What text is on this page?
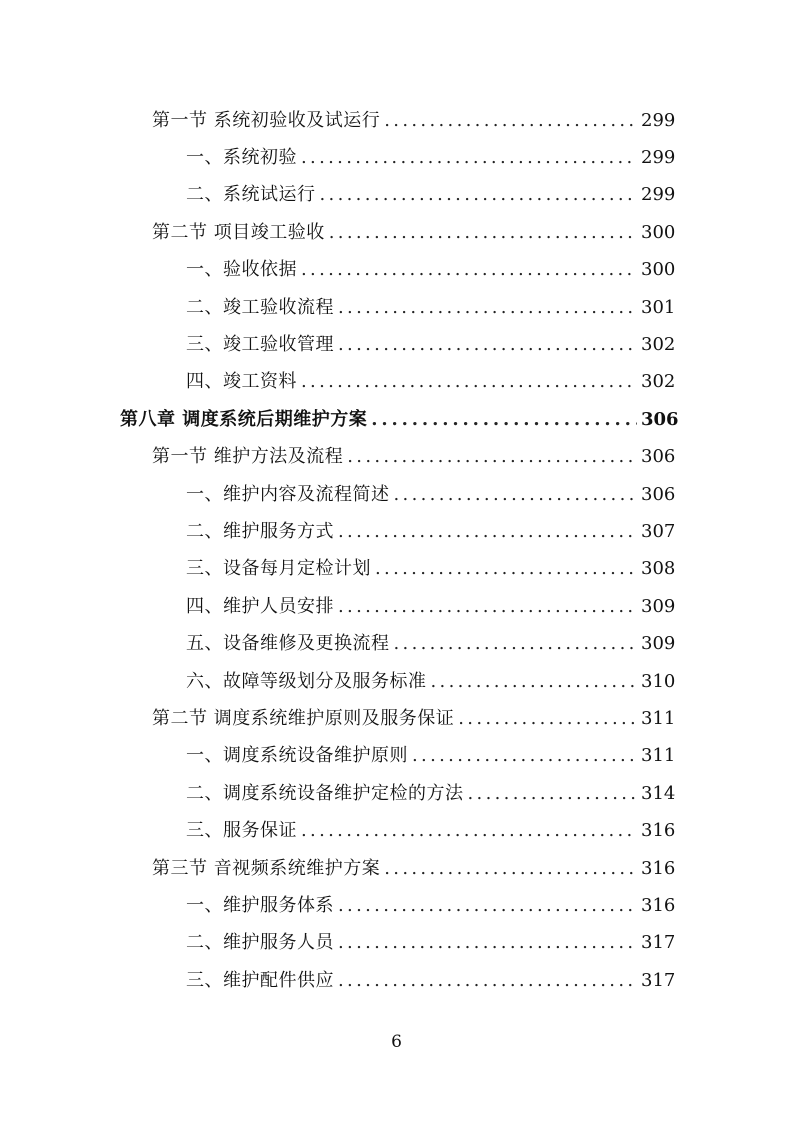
第一节 系统初验收及试运行 . . .	299
一、系统初验 . . .	299
二、系统试运行 . . .	299
第二节 项目竣工验收 . . .	300
一、验收依据 . . .	300
二、竣工验收流程 . . .	301
三、竣工验收管理 . . .	302
四、竣工资料 . . .	302
第八章 调度系统后期维护方案 . . .	306
第一节 维护方法及流程 . . .	306
一、维护内容及流程简述 . . .	306
二、维护服务方式 . . .	307
三、设备每月定检计划 . . .	308
四、维护人员安排 . . .	309
五、设备维修及更换流程 . . .	309
六、故障等级划分及服务标准 . . .	310
第二节 调度系统维护原则及服务保证 . . .	311
一、调度系统设备维护原则 . . .	311
二、调度系统设备维护定检的方法 . . .	314
三、服务保证 . . .	316
第三节 音视频系统维护方案 . . .	316
一、维护服务体系 . . .	316
二、维护服务人员 . . .	317
三、维护配件供应 . . .	317
6
